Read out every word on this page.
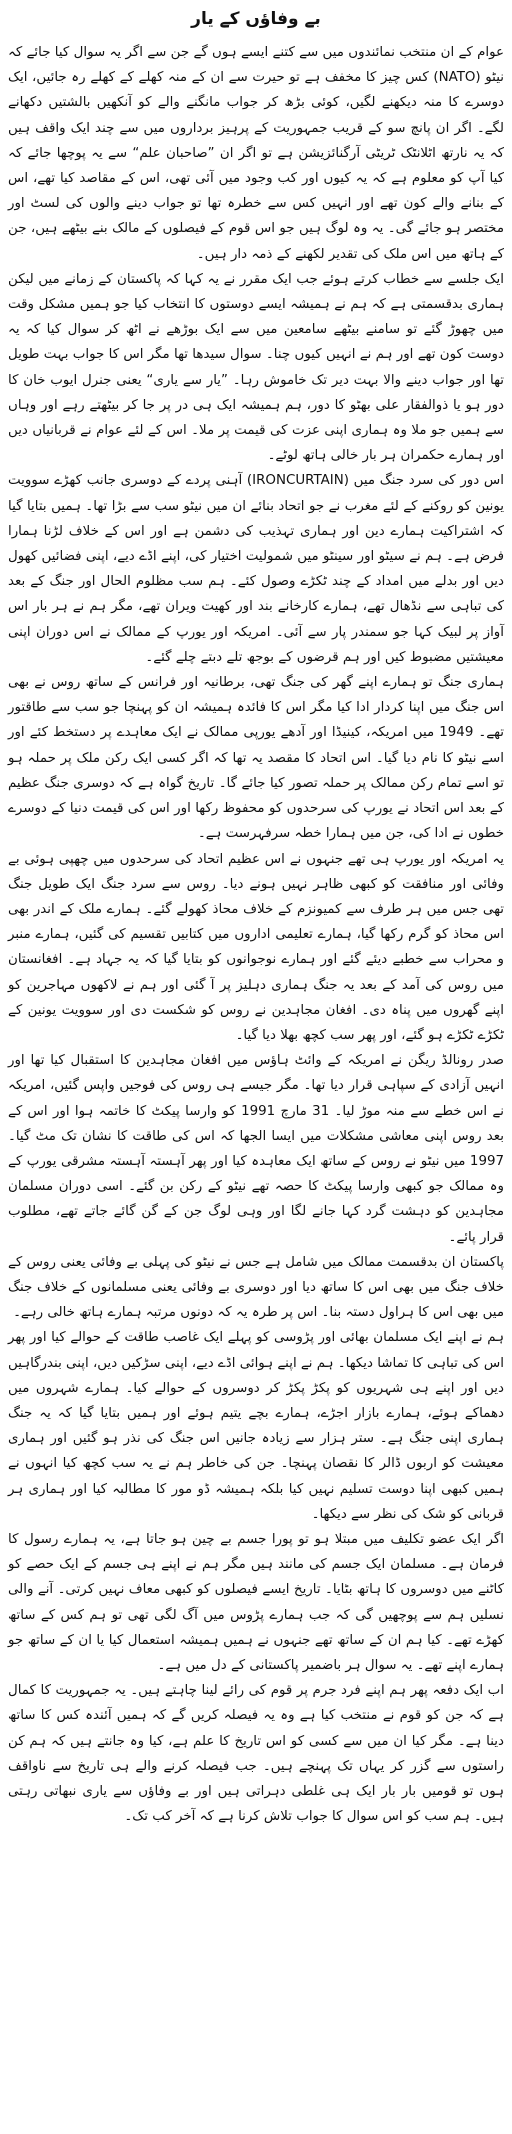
بے وفاؤں کے یار

عوام کے ان منتخب نمائندوں میں سے کتنے ایسے ہوں گے جن سے اگر یہ سوال کیا جائے کہ نیٹو (NATO) کس چیز کا مخفف ہے تو حیرت سے ان کے منہ کھلے کے کھلے رہ جائیں، ایک دوسرے کا منہ دیکھنے لگیں، کوئی بڑھ کر جواب مانگنے والے کو آنکھیں بالشتیں دکھانے لگے۔ اگر ان پانچ سو کے قریب جمہوریت کے پرہیز برداروں میں سے چند ایک واقف ہیں کہ یہ نارتھ اٹلانٹک ٹریٹی آرگنائزیشن ہے تو اگر ان ”صاحبان علم“ سے یہ پوچھا جائے کہ کیا آپ کو معلوم ہے کہ یہ کیوں اور کب وجود میں آئی تھی، اس کے مقاصد کیا تھے، اس کے بنانے والے کون تھے اور انہیں کس سے خطرہ تھا تو جواب دینے والوں کی لسٹ اور مختصر ہو جائے گی۔ یہ وہ لوگ ہیں جو اس قوم کے فیصلوں کے مالک بنے بیٹھے ہیں، جن کے ہاتھ میں اس ملک کی تقدیر لکھنے کے ذمہ دار ہیں۔

ایک جلسے سے خطاب کرتے ہوئے جب ایک مقرر نے یہ کہا کہ پاکستان کے زمانے میں لیکن ہماری بدقسمتی ہے کہ ہم نے ہمیشہ ایسے دوستوں کا انتخاب کیا جو ہمیں مشکل وقت میں چھوڑ گئے تو سامنے بیٹھے سامعین میں سے ایک بوڑھے نے اٹھ کر سوال کیا کہ یہ دوست کون تھے اور ہم نے انہیں کیوں چنا۔ سوال سیدھا تھا مگر اس کا جواب بہت طویل تھا اور جواب دینے والا بہت دیر تک خاموش رہا۔ ”یار سے یاری“ یعنی جنرل ایوب خان کا دور ہو یا ذوالفقار علی بھٹو کا دور، ہم ہمیشہ ایک ہی در پر جا کر بیٹھتے رہے اور وہاں سے ہمیں جو ملا وہ ہماری اپنی عزت کی قیمت پر ملا۔ اس کے لئے عوام نے قربانیاں دیں اور ہمارے حکمران ہر بار خالی ہاتھ لوٹے۔

اس دور کی سرد جنگ میں (IRONCURTAIN) آہنی پردے کے دوسری جانب کھڑے سوویت یونین کو روکنے کے لئے مغرب نے جو اتحاد بنائے ان میں نیٹو سب سے بڑا تھا۔ ہمیں بتایا گیا کہ اشتراکیت ہمارے دین اور ہماری تہذیب کی دشمن ہے اور اس کے خلاف لڑنا ہمارا فرض ہے۔ ہم نے سیٹو اور سینٹو میں شمولیت اختیار کی، اپنے اڈے دیے، اپنی فضائیں کھول دیں اور بدلے میں امداد کے چند ٹکڑے وصول کئے۔ ہم سب مظلوم الحال اور جنگ کے بعد کی تباہی سے نڈھال تھے، ہمارے کارخانے بند اور کھیت ویران تھے، مگر ہم نے ہر بار اس آواز پر لبیک کہا جو سمندر پار سے آئی۔ امریکہ اور یورپ کے ممالک نے اس دوران اپنی معیشتیں مضبوط کیں اور ہم قرضوں کے بوجھ تلے دبتے چلے گئے۔

ہماری جنگ تو ہمارے اپنے گھر کی جنگ تھی، برطانیہ اور فرانس کے ساتھ روس نے بھی اس جنگ میں اپنا کردار ادا کیا مگر اس کا فائدہ ہمیشہ ان کو پہنچا جو سب سے طاقتور تھے۔ 1949 میں امریکہ، کینیڈا اور آدھے یورپی ممالک نے ایک معاہدے پر دستخط کئے اور اسے نیٹو کا نام دیا گیا۔ اس اتحاد کا مقصد یہ تھا کہ اگر کسی ایک رکن ملک پر حملہ ہو تو اسے تمام رکن ممالک پر حملہ تصور کیا جائے گا۔ تاریخ گواہ ہے کہ دوسری جنگ عظیم کے بعد اس اتحاد نے یورپ کی سرحدوں کو محفوظ رکھا اور اس کی قیمت دنیا کے دوسرے خطوں نے ادا کی، جن میں ہمارا خطہ سرفہرست ہے۔

یہ امریکہ اور یورپ ہی تھے جنہوں نے اس عظیم اتحاد کی سرحدوں میں چھپی ہوئی بے وفائی اور منافقت کو کبھی ظاہر نہیں ہونے دیا۔ روس سے سرد جنگ ایک طویل جنگ تھی جس میں ہر طرف سے کمیونزم کے خلاف محاذ کھولے گئے۔ ہمارے ملک کے اندر بھی اس محاذ کو گرم رکھا گیا، ہمارے تعلیمی اداروں میں کتابیں تقسیم کی گئیں، ہمارے منبر و محراب سے خطبے دیئے گئے اور ہمارے نوجوانوں کو بتایا گیا کہ یہ جہاد ہے۔ افغانستان میں روس کی آمد کے بعد یہ جنگ ہماری دہلیز پر آ گئی اور ہم نے لاکھوں مہاجرین کو اپنے گھروں میں پناہ دی۔ افغان مجاہدین نے روس کو شکست دی اور سوویت یونین کے ٹکڑے ٹکڑے ہو گئے، اور پھر سب کچھ بھلا دیا گیا۔

صدر رونالڈ ریگن نے امریکہ کے وائٹ ہاؤس میں افغان مجاہدین کا استقبال کیا تھا اور انہیں آزادی کے سپاہی قرار دیا تھا۔ مگر جیسے ہی روس کی فوجیں واپس گئیں، امریکہ نے اس خطے سے منہ موڑ لیا۔ 31 مارچ 1991 کو وارسا پیکٹ کا خاتمہ ہوا اور اس کے بعد روس اپنی معاشی مشکلات میں ایسا الجھا کہ اس کی طاقت کا نشان تک مٹ گیا۔ 1997 میں نیٹو نے روس کے ساتھ ایک معاہدہ کیا اور پھر آہستہ آہستہ مشرقی یورپ کے وہ ممالک جو کبھی وارسا پیکٹ کا حصہ تھے نیٹو کے رکن بن گئے۔ اسی دوران مسلمان مجاہدین کو دہشت گرد کہا جانے لگا اور وہی لوگ جن کے گن گائے جاتے تھے، مطلوب قرار پائے۔

پاکستان ان بدقسمت ممالک میں شامل ہے جس نے نیٹو کی پہلی بے وفائی یعنی روس کے خلاف جنگ میں بھی اس کا ساتھ دیا اور دوسری بے وفائی یعنی مسلمانوں کے خلاف جنگ میں بھی اس کا ہراول دستہ بنا۔ اس پر طرہ یہ کہ دونوں مرتبہ ہمارے ہاتھ خالی رہے۔

ہم نے اپنے ایک مسلمان بھائی اور پڑوسی کو پہلے ایک غاصب طاقت کے حوالے کیا اور پھر اس کی تباہی کا تماشا دیکھا۔ ہم نے اپنے ہوائی اڈے دیے، اپنی سڑکیں دیں، اپنی بندرگاہیں دیں اور اپنے ہی شہریوں کو پکڑ پکڑ کر دوسروں کے حوالے کیا۔ ہمارے شہروں میں دھماکے ہوئے، ہمارے بازار اجڑے، ہمارے بچے یتیم ہوئے اور ہمیں بتایا گیا کہ یہ جنگ ہماری اپنی جنگ ہے۔ ستر ہزار سے زیادہ جانیں اس جنگ کی نذر ہو گئیں اور ہماری معیشت کو اربوں ڈالر کا نقصان پہنچا۔ جن کی خاطر ہم نے یہ سب کچھ کیا انہوں نے ہمیں کبھی اپنا دوست تسلیم نہیں کیا بلکہ ہمیشہ ڈو مور کا مطالبہ کیا اور ہماری ہر قربانی کو شک کی نظر سے دیکھا۔

اگر ایک عضو تکلیف میں مبتلا ہو تو پورا جسم بے چین ہو جاتا ہے، یہ ہمارے رسول کا فرمان ہے۔ مسلمان ایک جسم کی مانند ہیں مگر ہم نے اپنے ہی جسم کے ایک حصے کو کاٹنے میں دوسروں کا ہاتھ بٹایا۔ تاریخ ایسے فیصلوں کو کبھی معاف نہیں کرتی۔ آنے والی نسلیں ہم سے پوچھیں گی کہ جب ہمارے پڑوس میں آگ لگی تھی تو ہم کس کے ساتھ کھڑے تھے۔ کیا ہم ان کے ساتھ تھے جنہوں نے ہمیں ہمیشہ استعمال کیا یا ان کے ساتھ جو ہمارے اپنے تھے۔ یہ سوال ہر باضمیر پاکستانی کے دل میں ہے۔

اب ایک دفعہ پھر ہم اپنے فرد جرم پر قوم کی رائے لینا چاہتے ہیں۔ یہ جمہوریت کا کمال ہے کہ جن کو قوم نے منتخب کیا ہے وہ یہ فیصلہ کریں گے کہ ہمیں آئندہ کس کا ساتھ دینا ہے۔ مگر کیا ان میں سے کسی کو اس تاریخ کا علم ہے، کیا وہ جانتے ہیں کہ ہم کن راستوں سے گزر کر یہاں تک پہنچے ہیں۔ جب فیصلہ کرنے والے ہی تاریخ سے ناواقف ہوں تو قومیں بار بار ایک ہی غلطی دہراتی ہیں اور بے وفاؤں سے یاری نبھاتی رہتی ہیں۔ ہم سب کو اس سوال کا جواب تلاش کرنا ہے کہ آخر کب تک۔
